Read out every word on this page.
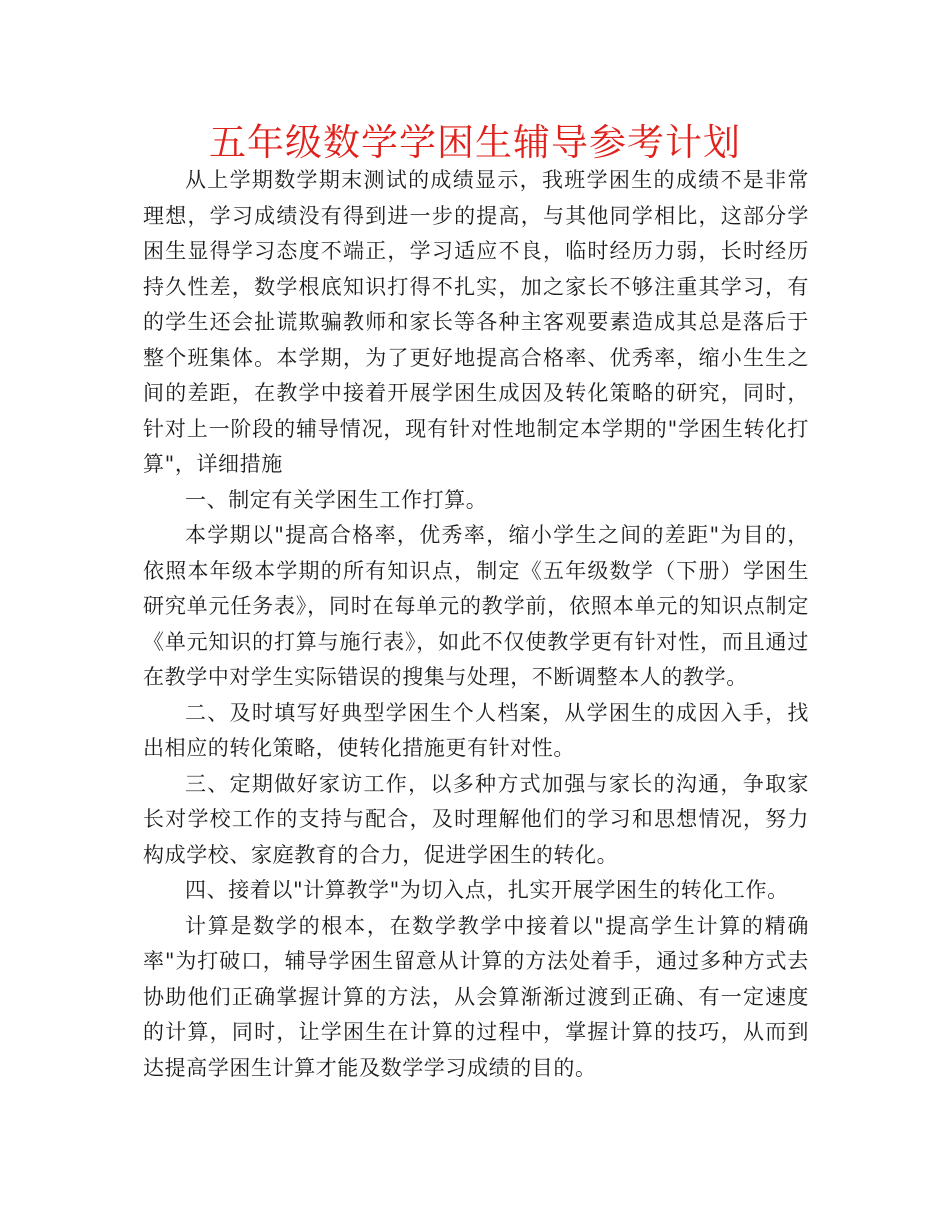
五年级数学学困生辅导参考计划

从上学期数学期末测试的成绩显示，我班学困生的成绩不是非常理想，学习成绩没有得到进一步的提高，与其他同学相比，这部分学困生显得学习态度不端正，学习适应不良，临时经历力弱，长时经历持久性差，数学根底知识打得不扎实，加之家长不够注重其学习，有的学生还会扯谎欺骗教师和家长等各种主客观要素造成其总是落后于整个班集体。本学期，为了更好地提高合格率、优秀率，缩小生生之间的差距，在教学中接着开展学困生成因及转化策略的研究，同时，针对上一阶段的辅导情况，现有针对性地制定本学期的"学困生转化打算"，详细措施

一、制定有关学困生工作打算。

本学期以"提高合格率，优秀率，缩小学生之间的差距"为目的，依照本年级本学期的所有知识点，制定《五年级数学（下册）学困生研究单元任务表》，同时在每单元的教学前，依照本单元的知识点制定《单元知识的打算与施行表》，如此不仅使教学更有针对性，而且通过在教学中对学生实际错误的搜集与处理，不断调整本人的教学。

二、及时填写好典型学困生个人档案，从学困生的成因入手，找出相应的转化策略，使转化措施更有针对性。

三、定期做好家访工作，以多种方式加强与家长的沟通，争取家长对学校工作的支持与配合，及时理解他们的学习和思想情况，努力构成学校、家庭教育的合力，促进学困生的转化。

四、接着以"计算教学"为切入点，扎实开展学困生的转化工作。

计算是数学的根本，在数学教学中接着以"提高学生计算的精确率"为打破口，辅导学困生留意从计算的方法处着手，通过多种方式去协助他们正确掌握计算的方法，从会算渐渐过渡到正确、有一定速度的计算，同时，让学困生在计算的过程中，掌握计算的技巧，从而到达提高学困生计算才能及数学学习成绩的目的。
